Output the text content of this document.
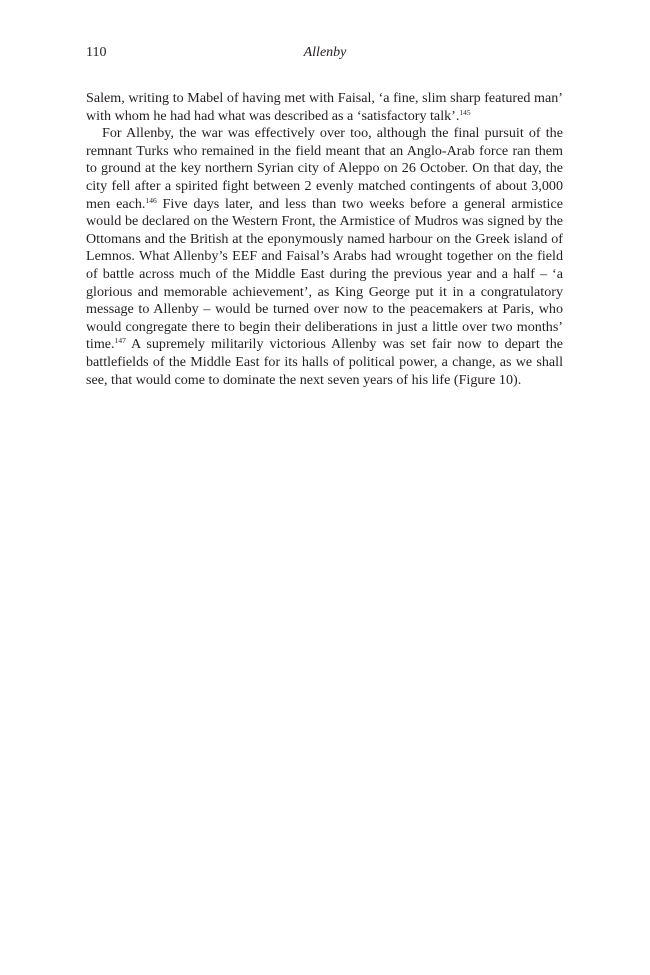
110	Allenby

Salem, writing to Mabel of having met with Faisal, ‘a fine, slim sharp featured man’ with whom he had had what was described as a ‘satisfactory talk’.$^{145}$

For Allenby, the war was effectively over too, although the final pursuit of the remnant Turks who remained in the field meant that an Anglo-Arab force ran them to ground at the key northern Syrian city of Aleppo on 26 October. On that day, the city fell after a spirited fight between 2 evenly matched contingents of about 3,000 men each.$^{146}$ Five days later, and less than two weeks before a general armistice would be declared on the Western Front, the Armistice of Mudros was signed by the Ottomans and the British at the eponymously named harbour on the Greek island of Lemnos. What Allenby’s EEF and Faisal’s Arabs had wrought together on the field of battle across much of the Middle East during the previous year and a half – ‘a glorious and memorable achievement’, as King George put it in a congratulatory message to Allenby – would be turned over now to the peacemakers at Paris, who would congregate there to begin their deliberations in just a little over two months’ time.$^{147}$ A supremely militarily victorious Allenby was set fair now to depart the battlefields of the Middle East for its halls of political power, a change, as we shall see, that would come to dominate the next seven years of his life (Figure 10).
